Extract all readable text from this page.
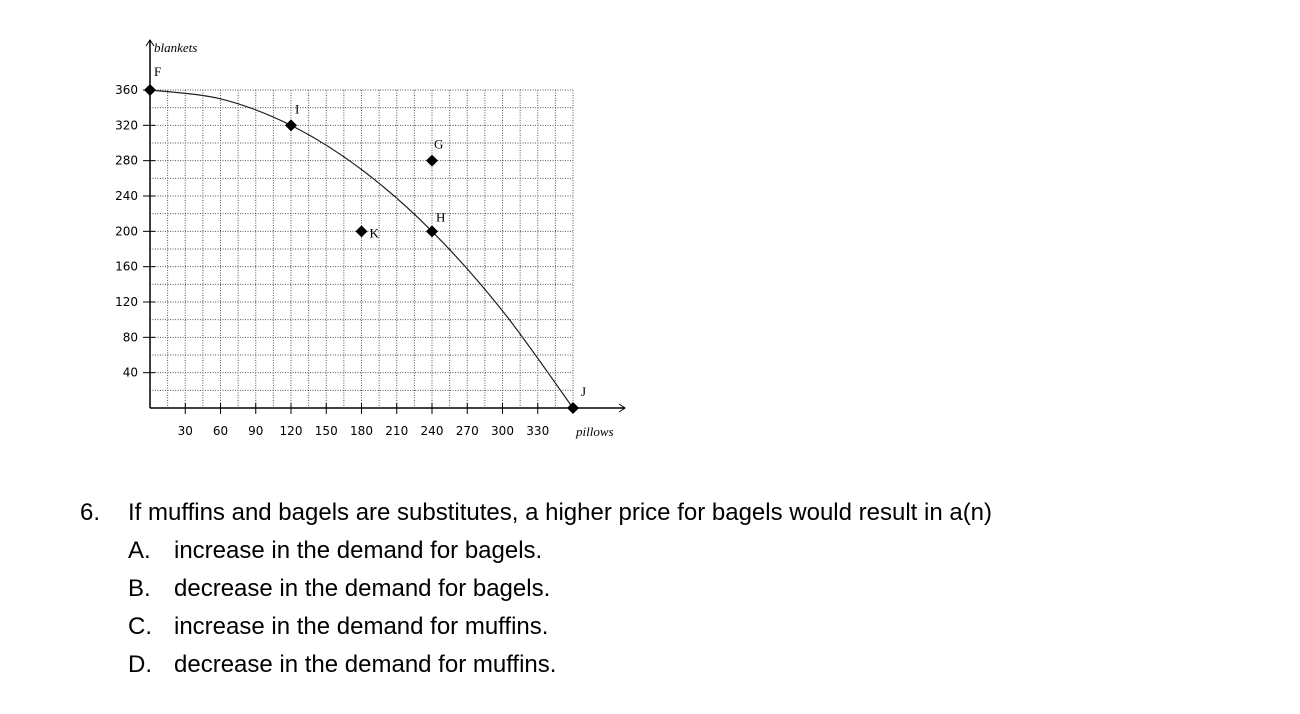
30 60 90 120 150 180 210 240 270 300 330
40
80
120
160
200
240
280
320
360
pillows
blankets
F
I
G
H
K
J
6.	If muffins and bagels are substitutes, a higher price for bagels would result in a(n)
A. increase in the demand for bagels.
B. decrease in the demand for bagels.
C. increase in the demand for muffins.
D. decrease in the demand for muffins.
